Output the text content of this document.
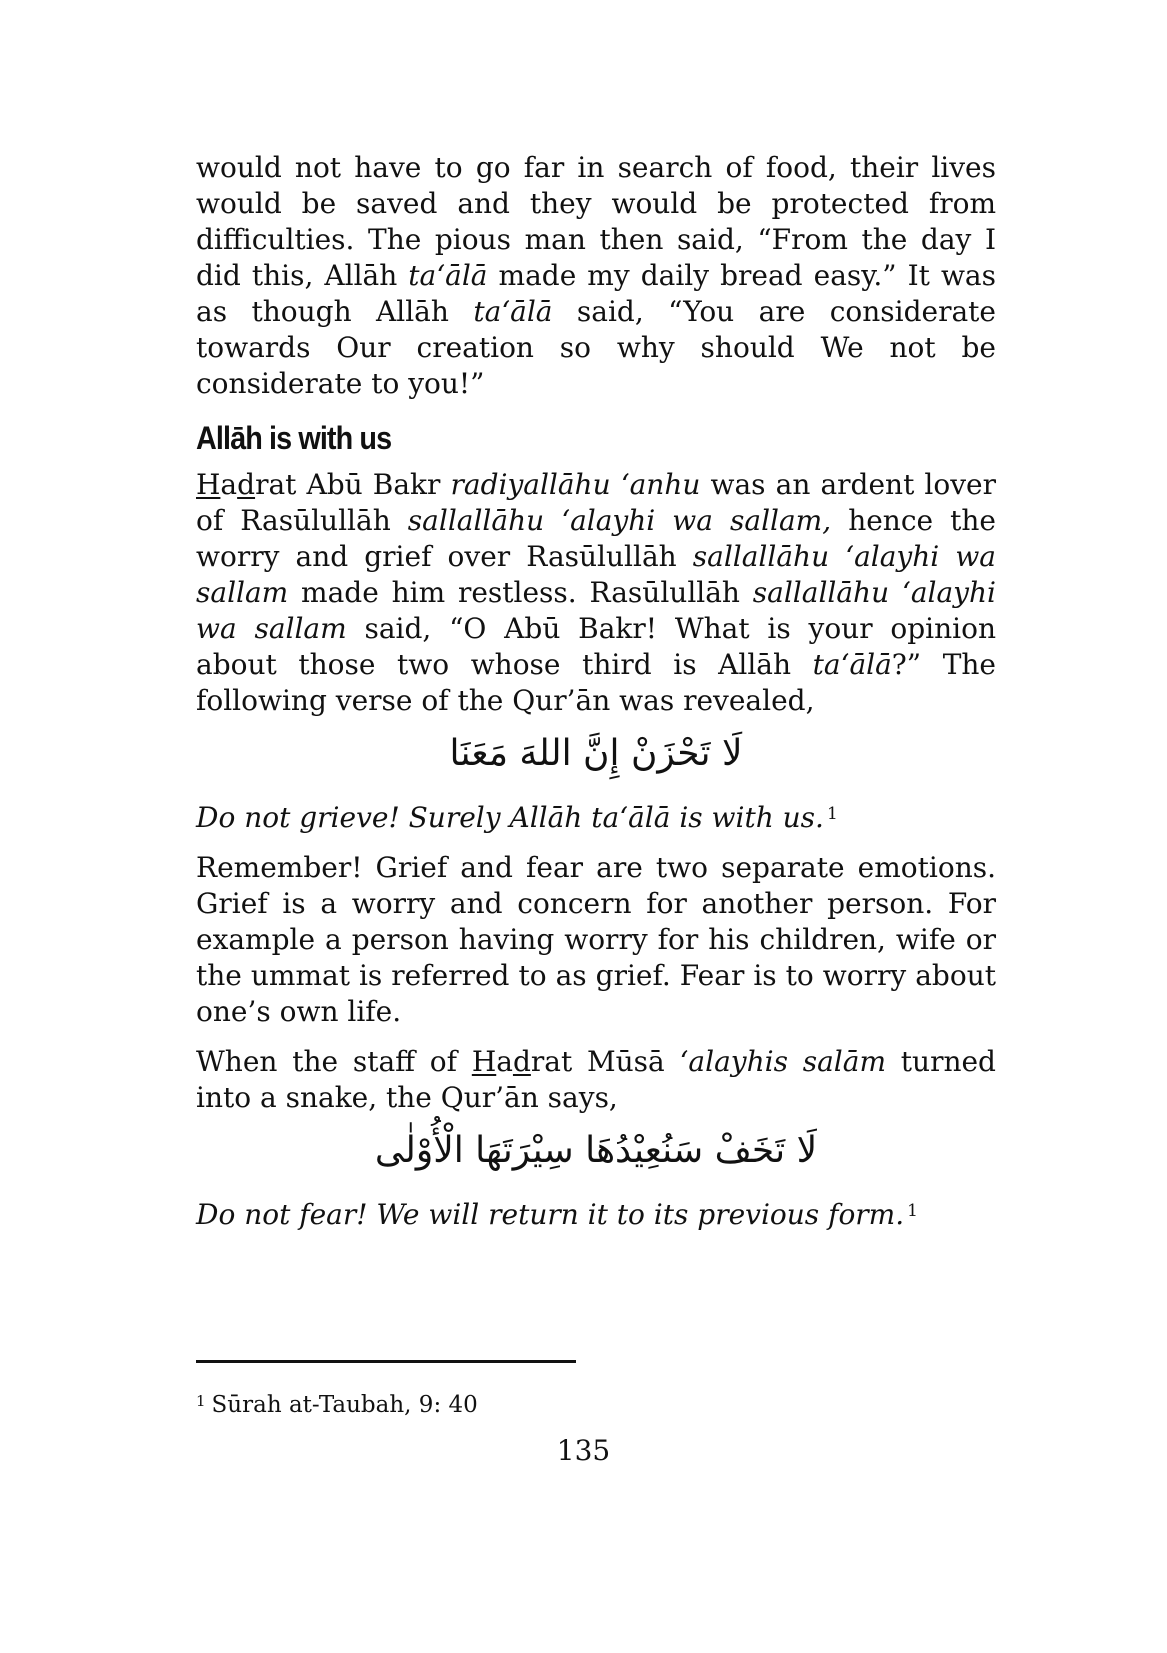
would not have to go far in search of food, their lives would be saved and they would be protected from difficulties. The pious man then said, “From the day I did this, Allāh ta‘ālā made my daily bread easy.” It was as though Allāh ta‘ālā said, “You are considerate towards Our creation so why should We not be considerate to you!”

Allāh is with us

Hadrat Abū Bakr radiyallāhu ‘anhu was an ardent lover of Rasūlullāh sallallāhu ‘alayhi wa sallam, hence the worry and grief over Rasūlullāh sallallāhu ‘alayhi wa sallam made him restless. Rasūlullāh sallallāhu ‘alayhi wa sallam said, “O Abū Bakr! What is your opinion about those two whose third is Allāh ta‘ālā?” The following verse of the Qur’ān was revealed,

لَا تَحْزَنْ إِنَّ اللهَ مَعَنَا

Do not grieve! Surely Allāh ta‘ālā is with us. $^1$

Remember! Grief and fear are two separate emotions. Grief is a worry and concern for another person. For example a person having worry for his children, wife or the ummat is referred to as grief. Fear is to worry about one’s own life.

When the staff of Hadrat Mūsā ‘alayhis salām turned into a snake, the Qur’ān says,

لَا تَخَفْ سَنُعِيْدُهَا سِيْرَتَهَا الْأُوْلٰى

Do not fear! We will return it to its previous form. $^1$

$^1$ Sūrah at-Taubah, 9: 40
135
